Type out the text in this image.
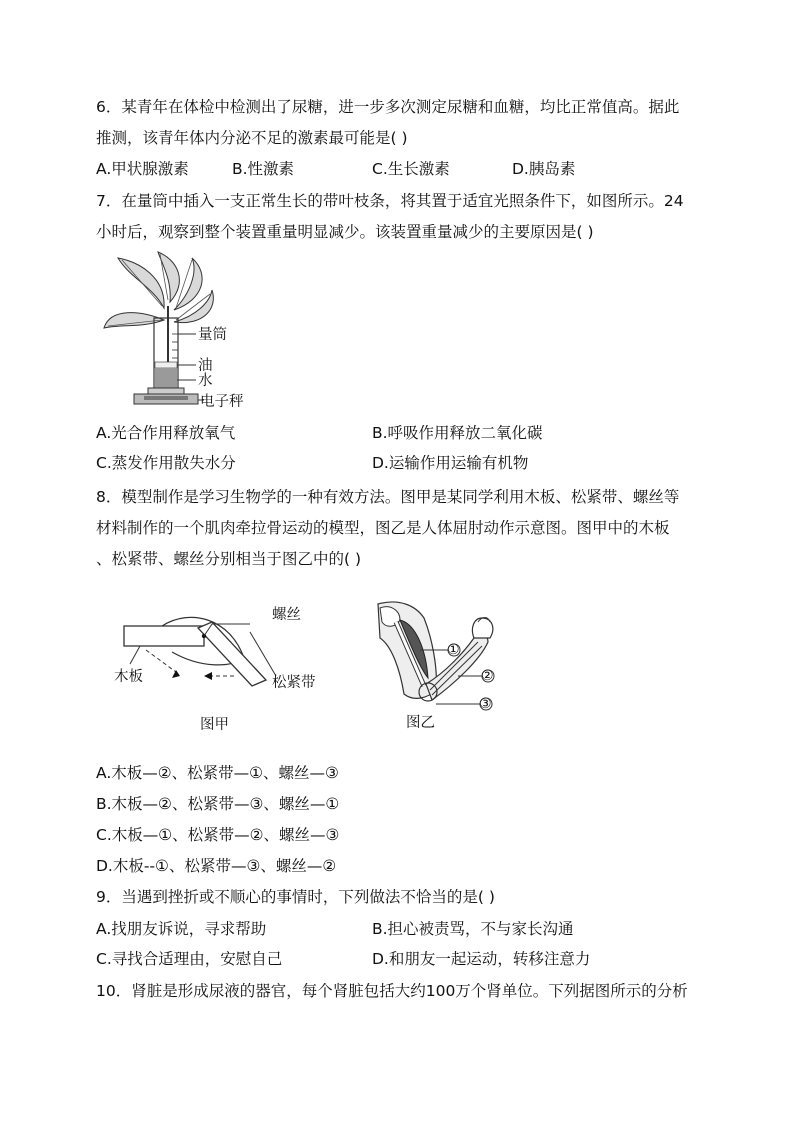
6．某青年在体检中检测出了尿糖，进一步多次测定尿糖和血糖，均比正常值高。据此
推测，该青年体内分泌不足的激素最可能是( )
A.甲状腺激素	B.性激素	C.生长激素	D.胰岛素
7．在量筒中插入一支正常生长的带叶枝条，将其置于适宜光照条件下，如图所示。24
小时后，观察到整个装置重量明显减少。该装置重量减少的主要原因是( )
量筒
油
水
电子秤
A.光合作用释放氧气	B.呼吸作用释放二氧化碳
C.蒸发作用散失水分	D.运输作用运输有机物
8．模型制作是学习生物学的一种有效方法。图甲是某同学利用木板、松紧带、螺丝等
材料制作的一个肌肉牵拉骨运动的模型，图乙是人体屈肘动作示意图。图甲中的木板
、松紧带、螺丝分别相当于图乙中的( )
螺丝
木板	松紧带
图甲
①
②
③
图乙
A.木板—②、松紧带—①、螺丝—③
B.木板—②、松紧带—③、螺丝—①
C.木板—①、松紧带—②、螺丝—③
D.木板--①、松紧带—③、螺丝—②
9．当遇到挫折或不顺心的事情时，下列做法不恰当的是( )
A.找朋友诉说，寻求帮助	B.担心被责骂，不与家长沟通
C.寻找合适理由，安慰自己	D.和朋友一起运动，转移注意力
10．肾脏是形成尿液的器官，每个肾脏包括大约100万个肾单位。下列据图所示的分析
